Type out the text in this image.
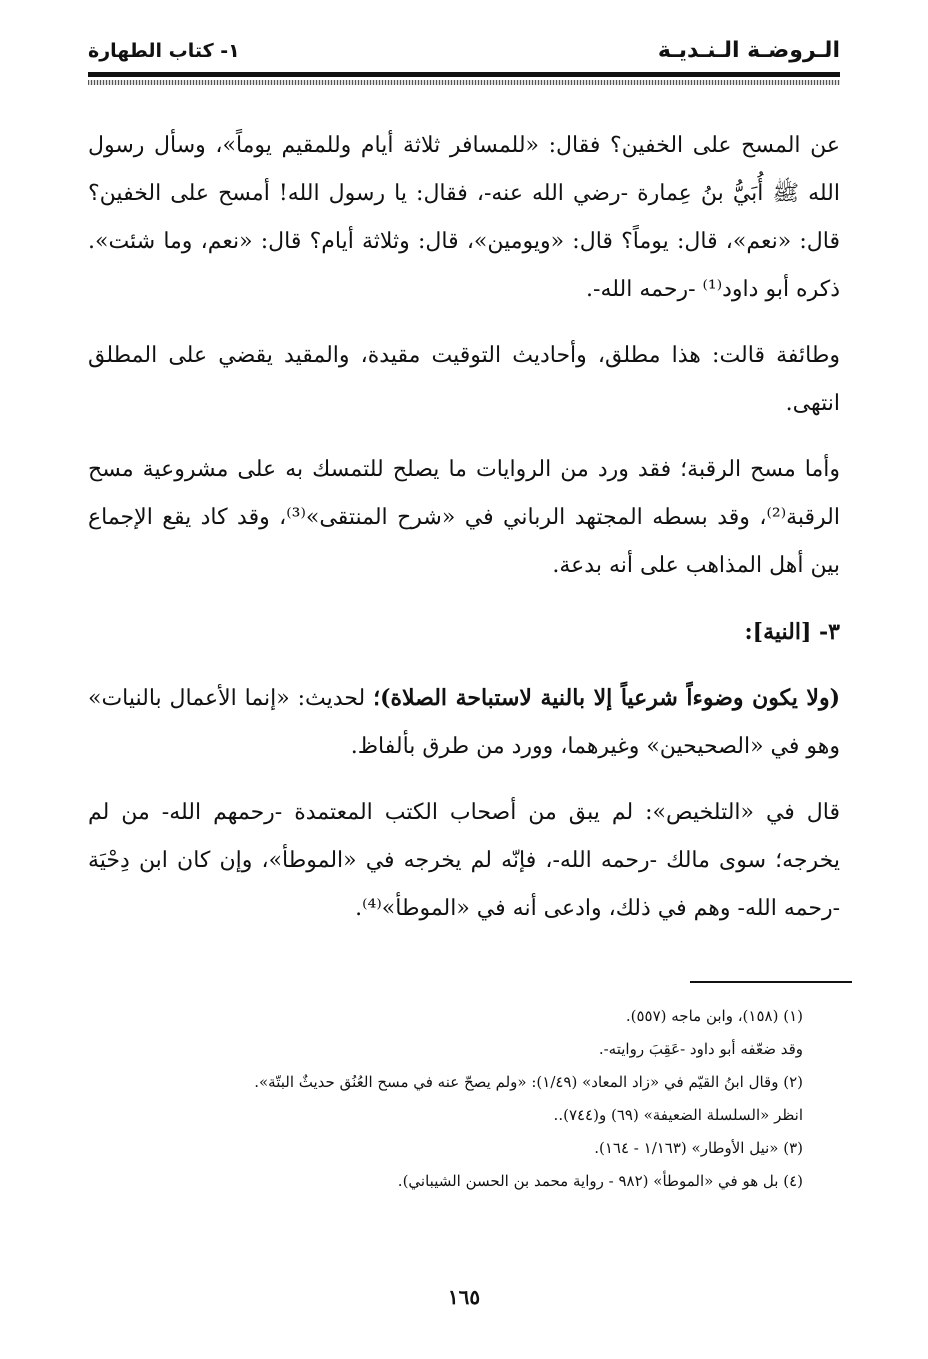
الـروضـة الـنـديـة
١- كتاب الطهارة

عن المسح على الخفين؟ فقال: «للمسافر ثلاثة أيام وللمقيم يوماً»، وسأل رسول الله ﷺ أُبَيُّ بنُ عِمارة -رضي الله عنه-، فقال: يا رسول الله! أمسح على الخفين؟ قال: «نعم»، قال: يوماً؟ قال: «ويومين»، قال: وثلاثة أيام؟ قال: «نعم، وما شئت». ذكره أبو داود⁽¹⁾ -رحمه الله-.

وطائفة قالت: هذا مطلق، وأحاديث التوقيت مقيدة، والمقيد يقضي على المطلق انتهى.

وأما مسح الرقبة؛ فقد ورد من الروايات ما يصلح للتمسك به على مشروعية مسح الرقبة⁽²⁾، وقد بسطه المجتهد الرباني في «شرح المنتقى»⁽³⁾، وقد كاد يقع الإجماع بين أهل المذاهب على أنه بدعة.

٣- [النية]:

(ولا يكون وضوءاً شرعياً إلا بالنية لاستباحة الصلاة)؛ لحديث: «إنما الأعمال بالنيات» وهو في «الصحيحين» وغيرهما، وورد من طرق بألفاظ.

قال في «التلخيص»: لم يبق من أصحاب الكتب المعتمدة -رحمهم الله- من لم يخرجه؛ سوى مالك -رحمه الله-، فإنّه لم يخرجه في «الموطأ»، وإن كان ابن دِحْيَة -رحمه الله- وهم في ذلك، وادعى أنه في «الموطأ»⁽⁴⁾.

(١) (١٥٨)، وابن ماجه (٥٥٧).
وقد ضعّفه أبو داود -عَقِبَ روايته-.
(٢) وقال ابنُ القيّم في «زاد المعاد» (١/٤٩): «ولم يصحّ عنه في مسح العُنُق حديثٌ البتّة».
انظر «السلسلة الضعيفة» (٦٩) و(٧٤٤)..
(٣) «نيل الأوطار» (١/١٦٣ - ١٦٤).
(٤) بل هو في «الموطأ» (٩٨٢ - رواية محمد بن الحسن الشيباني).
١٦٥
